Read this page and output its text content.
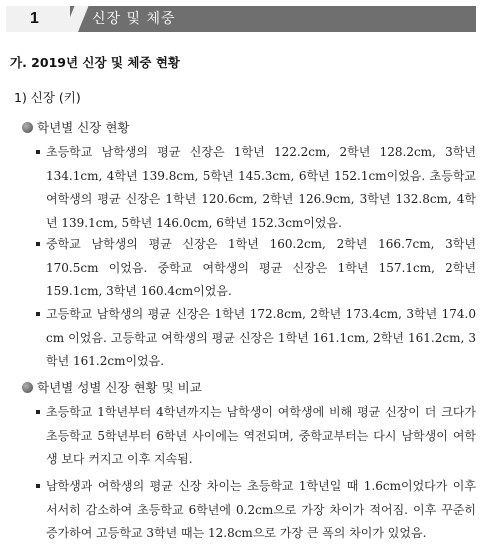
1	신장 및 체중
가. 2019년 신장 및 체중 현황
1) 신장 (키)
학년별 신장 현황
초등학교 남학생의 평균 신장은 1학년 122.2cm, 2학년 128.2cm, 3학년 134.1cm, 4학년 139.8cm, 5학년 145.3cm, 6학년 152.1cm이었음. 초등학교 여학생의 평균 신장은 1학년 120.6cm, 2학년 126.9cm, 3학년 132.8cm, 4학년 139.1cm, 5학년 146.0cm, 6학년 152.3cm이었음.
중학교 남학생의 평균 신장은 1학년 160.2cm, 2학년 166.7cm, 3학년 170.5cm 이었음. 중학교 여학생의 평균 신장은 1학년 157.1cm, 2학년 159.1cm, 3학년 160.4cm이었음.
고등학교 남학생의 평균 신장은 1학년 172.8cm, 2학년 173.4cm, 3학년 174.0 cm 이었음. 고등학교 여학생의 평균 신장은 1학년 161.1cm, 2학년 161.2cm, 3학년 161.2cm이었음.
학년별 성별 신장 현황 및 비교
초등학교 1학년부터 4학년까지는 남학생이 여학생에 비해 평균 신장이 더 크다가 초등학교 5학년부터 6학년 사이에는 역전되며, 중학교부터는 다시 남학생이 여학생 보다 커지고 이후 지속됨.
남학생과 여학생의 평균 신장 차이는 초등학교 1학년일 때 1.6cm이었다가 이후 서서히 감소하여 초등학교 6학년에 0.2cm으로 가장 차이가 적어짐. 이후 꾸준히 증가하여 고등학교 3학년 때는 12.8cm으로 가장 큰 폭의 차이가 있었음.
